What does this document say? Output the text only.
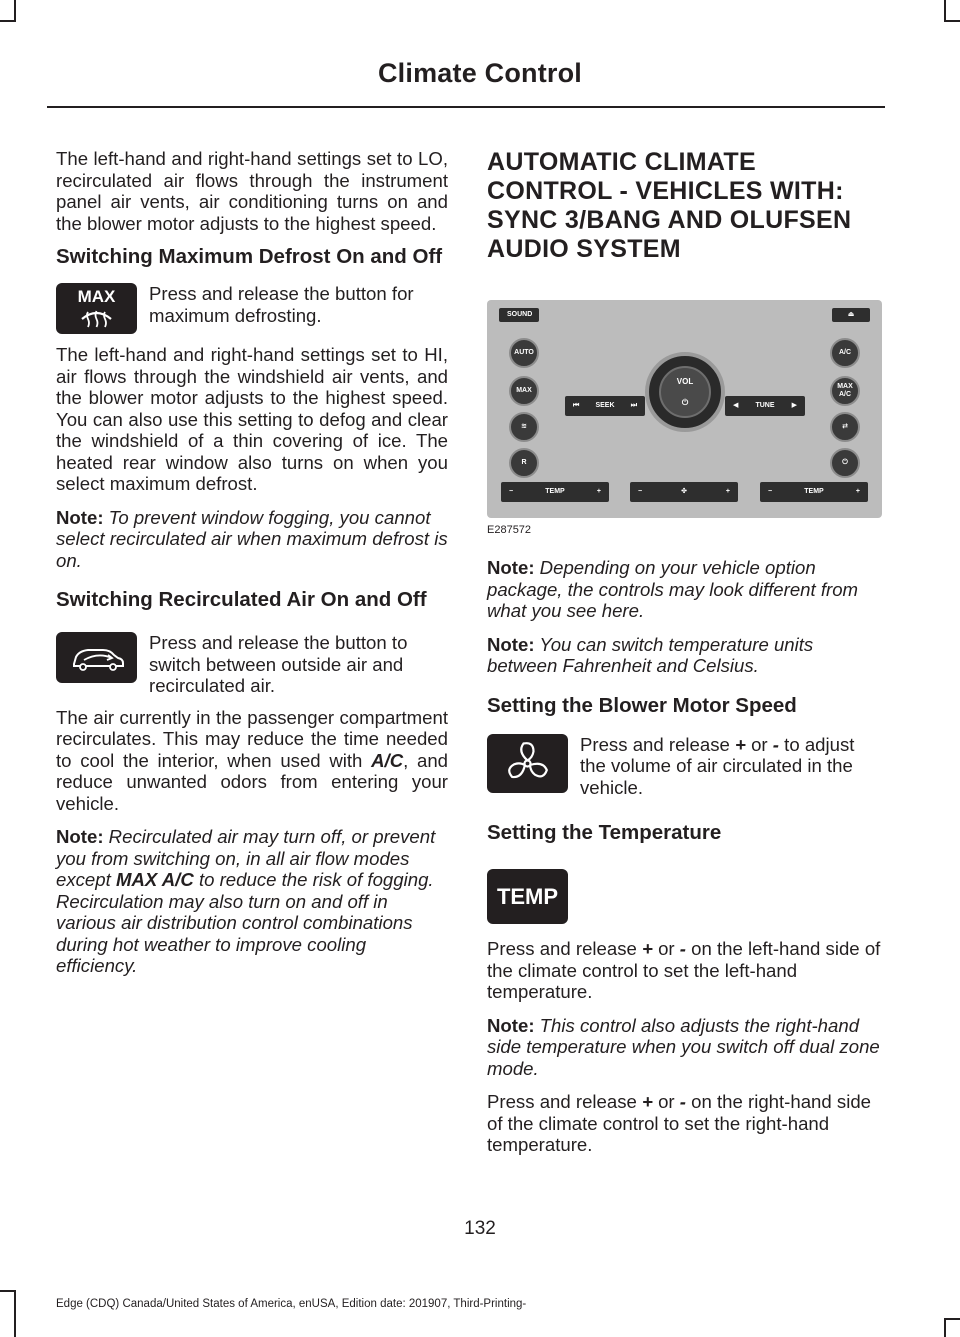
Climate Control

The left-hand and right-hand settings set to LO, recirculated air flows through the instrument panel air vents, air conditioning turns on and the blower motor adjusts to the highest speed.

Switching Maximum Defrost On and Off
MAX Press and release the button for maximum defrosting.

The left-hand and right-hand settings set to HI, air flows through the windshield air vents, and the blower motor adjusts to the highest speed. You can also use this setting to defog and clear the windshield of a thin covering of ice. The heated rear window also turns on when you select maximum defrost.

Note: To prevent window fogging, you cannot select recirculated air when maximum defrost is on.

Switching Recirculated Air On and Off
Press and release the button to switch between outside air and recirculated air.

The air currently in the passenger compartment recirculates. This may reduce the time needed to cool the interior, when used with A/C, and reduce unwanted odors from entering your vehicle.

Note: Recirculated air may turn off, or prevent you from switching on, in all air flow modes except MAX A/C to reduce the risk of fogging. Recirculation may also turn on and off in various air distribution control combinations during hot weather to improve cooling efficiency.

AUTOMATIC CLIMATE
CONTROL - VEHICLES WITH:
SYNC 3/BANG AND OLUFSEN
AUDIO SYSTEM
SOUND	⏏
AUTO
MAX
≋
R
A/C
MAX
A/C
⇄
⏻
⏮ SEEK ⏭	◀ TUNE ▶
VOL
⏻
−	TEMP	+	−	✤	+	−	TEMP	+
E287572

Note: Depending on your vehicle option package, the controls may look different from what you see here.

Note: You can switch temperature units between Fahrenheit and Celsius.

Setting the Blower Motor Speed
Press and release + or - to adjust the volume of air circulated in the vehicle.
Setting the Temperature
TEMP

Press and release + or - on the left-hand side of the climate control to set the left-hand temperature.

Note: This control also adjusts the right-hand side temperature when you switch off dual zone mode.

Press and release + or - on the right-hand side of the climate control to set the right-hand temperature.

132
Edge (CDQ) Canada/United States of America, enUSA, Edition date: 201907, Third-Printing-
